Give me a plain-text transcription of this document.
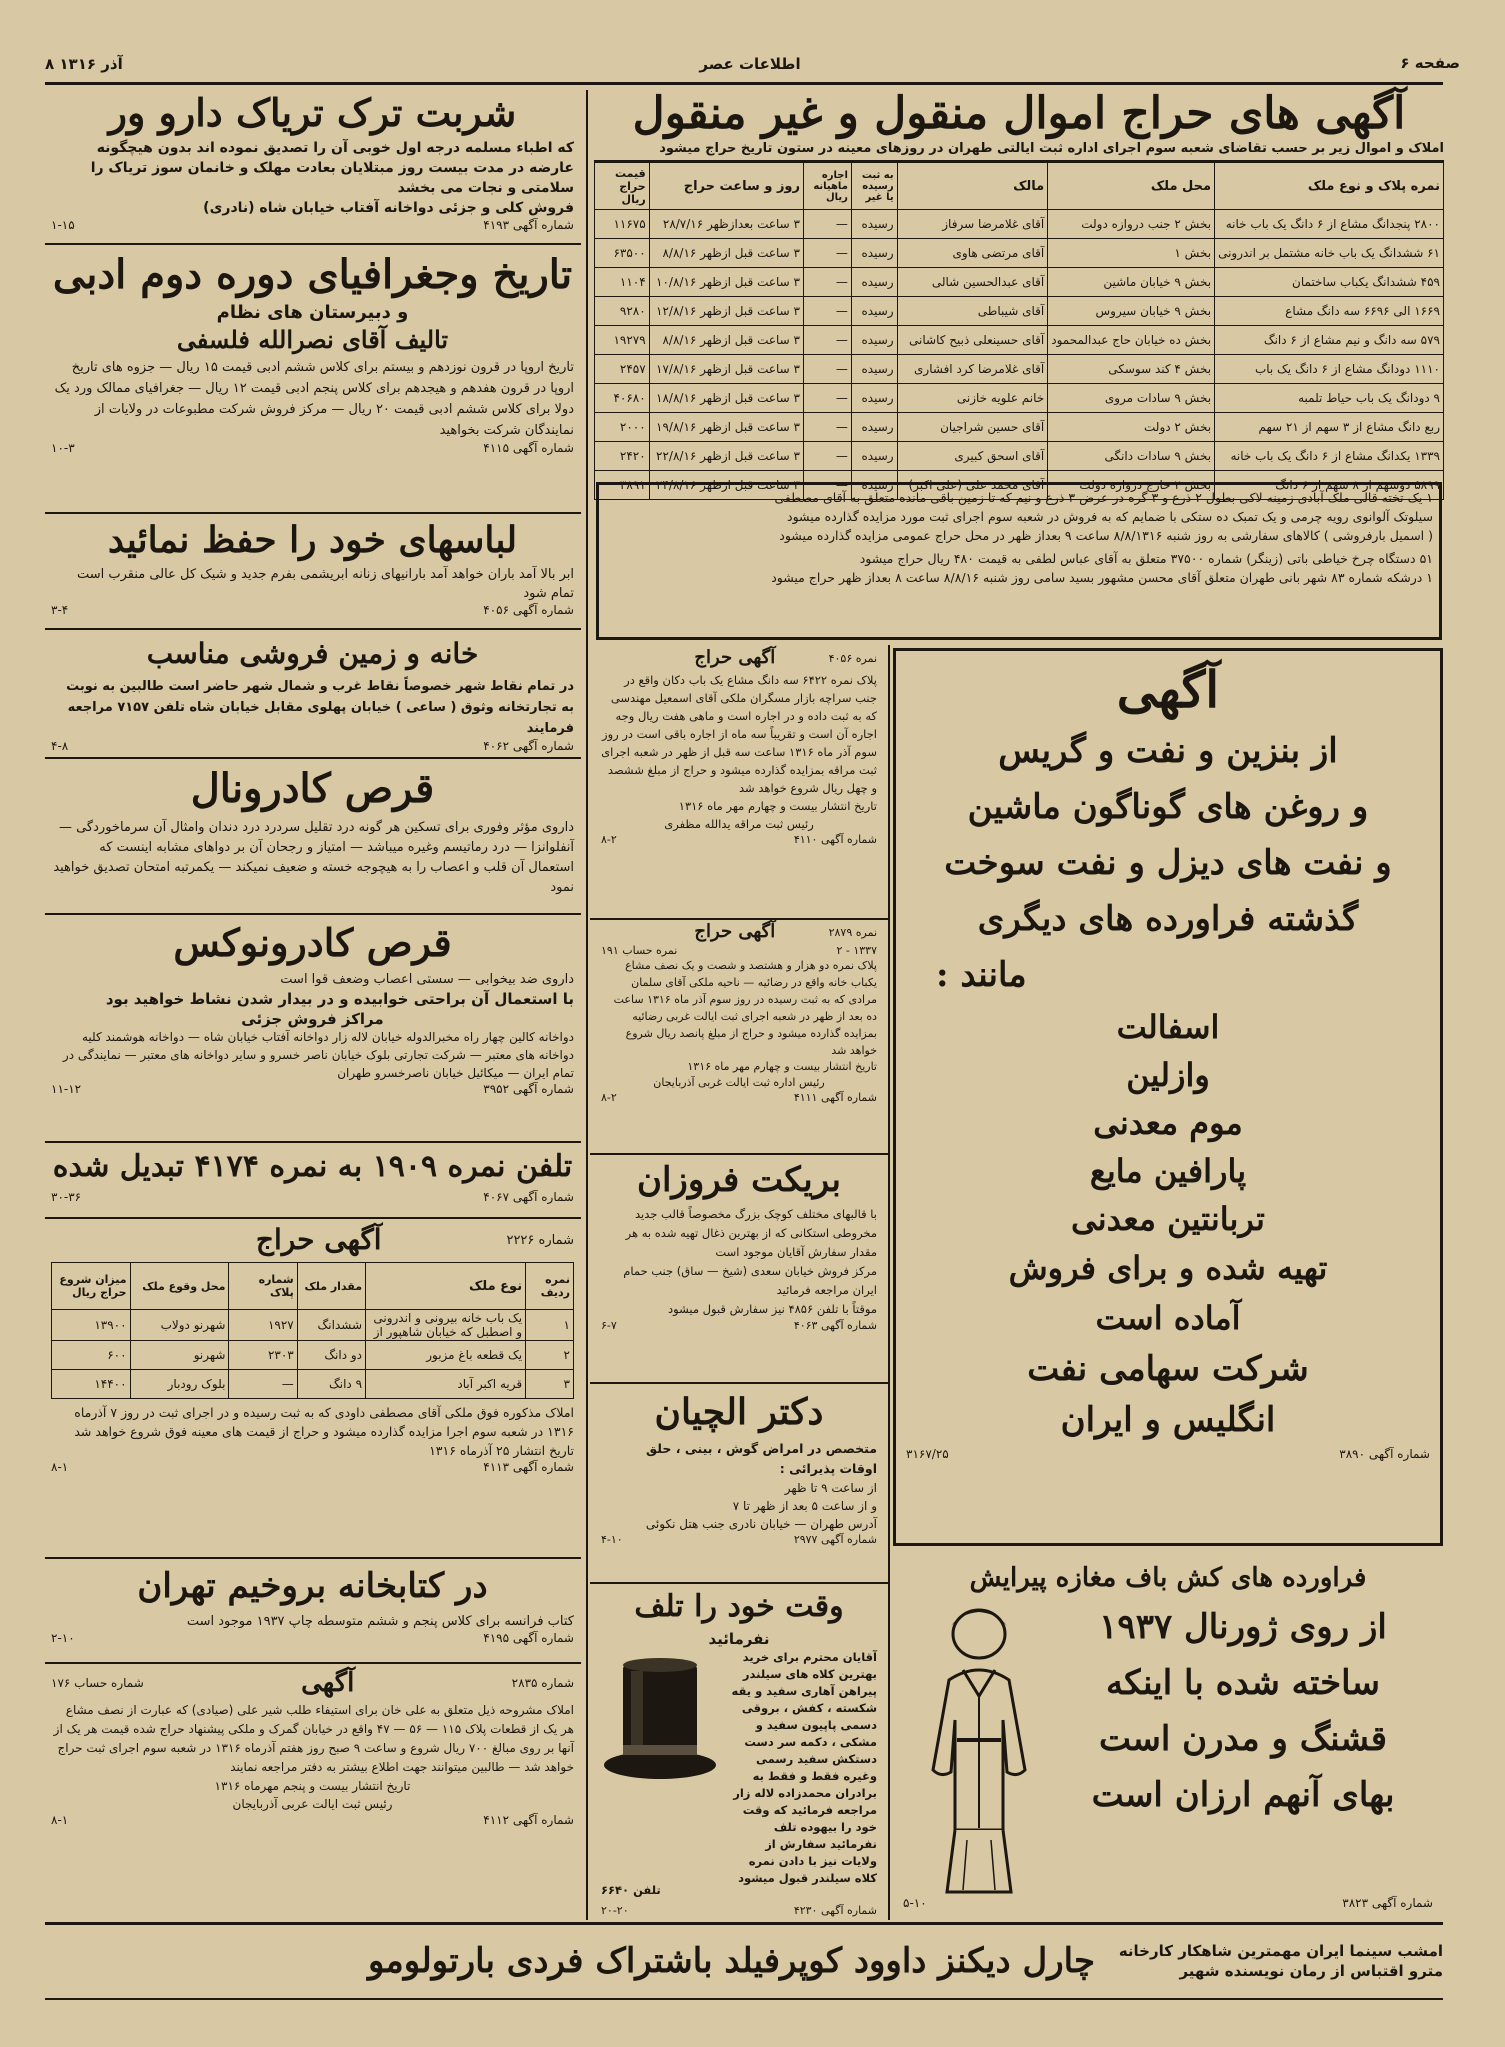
صفحه ۶
اطلاعات عصر
۸ آذر ۱۳۱۶
آگهی های حراج اموال منقول و غیر منقول
املاک و اموال زیر بر حسب تقاضای شعبه سوم اجرای اداره ثبت ایالتی طهران در روزهای معینه در ستون تاریخ حراج میشود
نمره پلاک و نوع ملک	محل ملک	مالک	به ثبت رسیده یا غیر	اجاره ماهیانه ریال	روز و ساعت حراج	قیمت حراج ریال
۲۸۰۰ پنجدانگ مشاع از ۶ دانگ یک باب خانه	بخش ۲ جنب دروازه دولت	آقای غلامرضا سرفاز	رسیده	—	۳ ساعت بعدازظهر ۲۸/۷/۱۶	۱۱۶۷۵
۶۱ ششدانگ یک باب خانه مشتمل بر اندرونی	بخش ۱	آقای مرتضی هاوی	رسیده	—	۳ ساعت قبل ازظهر ۸/۸/۱۶	۶۳۵۰۰
۴۵۹ ششدانگ یکباب ساختمان	بخش ۹ خیابان ماشین	آقای عبدالحسین شالی	رسیده	—	۳ ساعت قبل ازظهر ۱۰/۸/۱۶	۱۱۰۴
۱۶۶۹ الی ۶۶۹۶ سه دانگ مشاع	بخش ۹ خیابان سیروس	آقای شیباطی	رسیده	—	۳ ساعت قبل ازظهر ۱۲/۸/۱۶	۹۲۸۰
۵۷۹ سه دانگ و نیم مشاع از ۶ دانگ	بخش ده خیابان حاج عبدالمحمود	آقای حسینعلی ذبیح کاشانی	رسیده	—	۳ ساعت قبل ازظهر ۸/۸/۱۶	۱۹۲۷۹
۱۱۱۰ دودانگ مشاع از ۶ دانگ یک باب	بخش ۴ کند سوسکی	آقای غلامرضا کرد افشاری	رسیده	—	۳ ساعت قبل ازظهر ۱۷/۸/۱۶	۲۴۵۷
۹ دودانگ یک باب حیاط تلمبه	بخش ۹ سادات مروی	خانم علویه خازنی	رسیده	—	۳ ساعت قبل ازظهر ۱۸/۸/۱۶	۴۰۶۸۰
ربع دانگ مشاع از ۳ سهم از ۲۱ سهم	بخش ۲ دولت	آقای حسین شراجیان	رسیده	—	۳ ساعت قبل ازظهر ۱۹/۸/۱۶	۲۰۰۰
۱۳۳۹ یکدانگ مشاع از ۶ دانگ یک باب خانه	بخش ۹ سادات دانگی	آقای اسحق کبیری	رسیده	—	۳ ساعت قبل ازظهر ۲۲/۸/۱۶	۲۴۲۰
۵۸۹۹ دوسهم از ۸ سهم از ۶ دانگ	بخش ۲ خارج دروازه دولت	آقای محمد علی (علی اکبر)	رسیده	—	۳ ساعت قبل ازظهر ۲۴/۸/۱۶	۳۸۹۱
۱ یک تخته قالی ملک آبادی زمینه لاکی بطول ۲ ذرع و ۳ گره در عرض ۳ ذرع و نیم که تا زمین باقی مانده متعلق به آقای مصطفی
سیلوتک آلوانوی رویه چرمی و یک تمبک ده ستکی با ضمایم که به فروش در شعبه سوم اجرای ثبت مورد مزایده گذارده میشود
( اسمیل بارفروشی ) کالاهای سفارشی به روز شنبه ۸/۸/۱۳۱۶ ساعت ۹ بعداز ظهر در محل حراج عمومی مزایده گذارده میشود
۵۱ دستگاه چرخ خیاطی باتی (زینگر) شماره ۳۷۵۰۰ متعلق به آقای عباس لطفی به قیمت ۴۸۰ ریال حراج میشود
۱ درشکه شماره ۸۳ شهر بانی طهران متعلق آقای محسن مشهور بسید سامی روز شنبه ۸/۸/۱۶ ساعت ۸ بعداز ظهر حراج میشود
شربت ترک تریاک دارو ور
که اطباء مسلمه درجه اول خوبی آن را تصدیق نموده اند بدون هیچگونه عارضه در مدت بیست روز مبتلایان بعادت مهلک و خانمان سوز تریاک را سلامتی و نجات می بخشد
فروش کلی و جزئی دواخانه آفتاب خیابان شاه (نادری)
شماره آگهی ۴۱۹۳
۱-۱۵
تاریخ وجغرافیای دوره دوم ادبی
و دبیرستان های نظام
تالیف آقای نصرالله فلسفی
تاریخ اروپا در قرون نوزدهم و بیستم برای کلاس ششم ادبی قیمت ۱۵ ریال — جزوه های تاریخ اروپا در قرون هفدهم و هیجدهم برای کلاس پنجم ادبی قیمت ۱۲ ریال — جغرافیای ممالک ورد یک دولا برای کلاس ششم ادبی قیمت ۲۰ ریال — مرکز فروش شرکت مطبوعات در ولایات از نمایندگان شرکت بخواهید
شماره آگهی ۴۱۱۵
۱۰-۳
لباسهای خود را حفظ نمائید
ابر بالا آمد باران خواهد آمد بارانیهای زنانه ابریشمی بفرم جدید و شیک کل عالی منقرب است تمام شود
شماره آگهی ۴۰۵۶
۳-۴
خانه و زمین فروشی مناسب
در تمام نقاط شهر خصوصاً نقاط غرب و شمال شهر حاضر است طالبین به نوبت به تجارتخانه وثوق ( ساعی ) خیابان پهلوی مقابل خیابان شاه تلفن ۷۱۵۷ مراجعه فرمایند
شماره آگهی ۴۰۶۲
۴-۸
قرص کادرونال
داروی مؤثر وفوری برای تسکین هر گونه درد تقلیل سردرد درد دندان وامثال آن سرماخوردگی — آنفلوانزا — درد رماتیسم وغیره میباشد — امتیاز و رجحان آن بر دواهای مشابه اینست که استعمال آن قلب و اعصاب را به هیچوجه خسته و ضعیف نمیکند — یکمرتبه امتحان تصدیق خواهید نمود
قرص کادرونوکس
داروی ضد بیخوابی — سستی اعصاب وضعف قوا است
با استعمال آن براحتی خوابیده و در بیدار شدن نشاط خواهید بود
مراکز فروش جزئی
دواخانه کالین چهار راه مخبرالدوله خیابان لاله زار دواخانه آفتاب خیابان شاه — دواخانه هوشمند کلیه دواخانه های معتبر — شرکت تجارتی بلوک خیابان ناصر خسرو و سایر دواخانه های معتبر — نمایندگی در تمام ایران — میکائیل خیابان ناصرخسرو طهران
شماره آگهی ۳۹۵۲
۱۱-۱۲
تلفن نمره ۱۹۰۹ به نمره ۴۱۷۴ تبدیل شده
شماره آگهی ۴۰۶۷
۳۰-۳۶
شماره ۲۲۲۶
آگهی حراج
نمره ردیف	نوع ملک	مقدار ملک	شماره پلاک	محل وقوع ملک	میزان شروع حراج ریال
۱	یک باب خانه بیرونی و اندرونی و اصطبل که خیابان شاهپور از	ششدانگ	۱۹۲۷	شهرنو دولاب	۱۳۹۰۰
۲	یک قطعه باغ مزبور	دو دانگ	۲۳۰۳	شهرنو	۶۰۰
۳	قریه اکبر آباد	۹ دانگ	—	بلوک رودبار	۱۴۴۰۰
املاک مذکوره فوق ملکی آقای مصطفی داودی که به ثبت رسیده و در اجرای ثبت در روز ۷ آذرماه ۱۳۱۶ در شعبه سوم اجرا مزایده گذارده میشود و حراج از قیمت های معینه فوق شروع خواهد شد
تاریخ انتشار ۲۵ آذرماه ۱۳۱۶
شماره آگهی ۴۱۱۳
۸-۱
در کتابخانه بروخیم تهران
کتاب فرانسه برای کلاس پنجم و ششم متوسطه چاپ ۱۹۳۷ موجود است
شماره آگهی ۴۱۹۵
۲-۱۰
شماره ۲۸۳۵
آگهی
شماره حساب ۱۷۶
املاک مشروحه ذیل متعلق به علی خان برای استیفاء طلب شیر علی (صیادی) که عبارت از نصف مشاع هر یک از قطعات پلاک ۱۱۵ — ۵۶ — ۴۷ واقع در خیابان گمرک و ملکی پیشنهاد حراج شده قیمت هر یک از آنها بر روی مبالغ ۷۰۰ ریال شروع و ساعت ۹ صبح روز هفتم آذرماه ۱۳۱۶ در شعبه سوم اجرای ثبت حراج خواهد شد — طالبین میتوانند جهت اطلاع بیشتر به دفتر مراجعه نمایند
تاریخ انتشار بیست و پنجم مهرماه ۱۳۱۶
رئیس ثبت ایالت عربی آذربایجان
شماره آگهی ۴۱۱۲
۸-۱
نمره ۴۰۵۶
آگهی حراج
پلاک نمره ۶۴۲۲ سه دانگ مشاع یک باب دکان واقع در جنب سراچه بازار مسگران ملکی آقای اسمعیل مهندسی که به ثبت داده و در اجاره است و ماهی هفت ریال وجه اجاره آن است و تقریباً سه ماه از اجاره باقی است در روز سوم آذر ماه ۱۳۱۶ ساعت سه قبل از ظهر در شعبه اجرای ثبت مراقه بمزایده گذارده میشود و حراج از مبلغ ششصد و چهل ریال شروع خواهد شد
تاریخ انتشار بیست و چهارم مهر ماه ۱۳۱۶
رئیس ثبت مراقه یدالله مظفری
شماره آگهی ۴۱۱۰
۸-۲
نمره ۲۸۷۹
آگهی حراج
۱۳۳۷ - ۲
نمره حساب ۱۹۱
پلاک نمره دو هزار و هشتصد و شصت و یک نصف مشاع یکباب خانه واقع در رضائیه — ناحیه ملکی آقای سلمان مرادی که به ثبت رسیده در روز سوم آذر ماه ۱۳۱۶ ساعت ده بعد از ظهر در شعبه اجرای ثبت ایالت غربی رضائیه بمزایده گذارده میشود و حراج از مبلغ پانصد ریال شروع خواهد شد
تاریخ انتشار بیست و چهارم مهر ماه ۱۳۱۶
رئیس اداره ثبت ایالت غربی آذربایجان
شماره آگهی ۴۱۱۱
۸-۲
بریکت فروزان
با قالبهای مختلف کوچک بزرگ مخصوصاً قالب جدید مخروطی استکانی که از بهترین ذغال تهیه شده به هر مقدار سفارش آقایان موجود است
مرکز فروش خیابان سعدی (شیخ — ساق) جنب حمام ایران مراجعه فرمائید
موقتاً با تلفن ۴۸۵۶ نیز سفارش قبول میشود
شماره آگهی ۴۰۶۳
۶-۷
دکتر الچیان
متخصص در امراض گوش ، بینی ، حلق
اوقات پذیرائی :
از ساعت ۹ تا ظهر
و از ساعت ۵ بعد از ظهر تا ۷
آدرس طهران — خیابان نادری جنب هتل نکوئی
شماره آگهی ۲۹۷۷
۴-۱۰
وقت خود را تلف
نفرمائید
آقایان محترم برای خرید بهترین کلاه های سیلندر پیراهن آهاری سفید و یقه شکسته ، کفش ، بروقی دسمی پاپیون سفید و مشکی ، دکمه سر دست دستکش سفید رسمی وغیره فقط و فقط به برادران محمدزاده لاله زار مراجعه فرمائید که وقت خود را بیهوده تلف نفرمائید سفارش از ولایات نیز با دادن نمره کلاه سیلندر قبول میشود
تلفن ۶۶۴۰
شماره آگهی ۴۲۳۰
۲۰-۲۰
آگهی
از بنزین و نفت و گریس
و روغن های گوناگون ماشین
و نفت های دیزل و نفت سوخت
گذشته فراورده های دیگری
مانند :
اسفالت
وازلین
موم معدنی
پارافین مایع
تربانتین معدنی
تهیه شده و برای فروش
آماده است
شرکت سهامی نفت
انگلیس و ایران
شماره آگهی ۳۸۹۰
۳۱۶۷/۲۵
فراورده های کش باف مغازه پیرایش
از روی ژورنال ۱۹۳۷
ساخته شده با اینکه
قشنگ و مدرن است
بهای آنهم ارزان است
شماره آگهی ۳۸۲۳
۵-۱۰
امشب سینما ایران مهمترین شاهکار کارخانه مترو اقتباس از رمان نویسنده شهیر
چارل دیکنز داوود کوپرفیلد باشتراک فردی بارتولومو
